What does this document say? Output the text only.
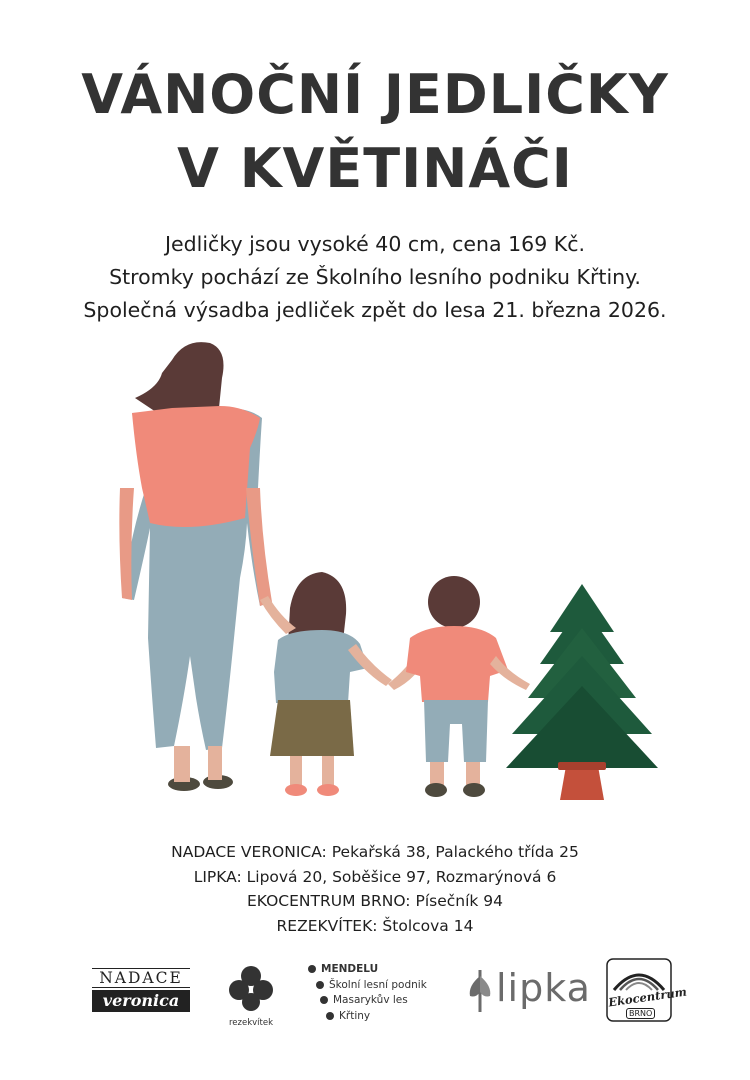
VÁNOČNÍ JEDLIČKY
V KVĚTINÁČI
Jedličky jsou vysoké 40 cm, cena 169 Kč.
Stromky pochází ze Školního lesního podniku Křtiny.
Společná výsadba jedliček zpět do lesa 21. března 2026.
NADACE VERONICA: Pekařská 38, Palackého třída 25
LIPKA: Lipová 20, Soběšice 97, Rozmarýnová 6
EKOCENTRUM BRNO: Písečník 94
REZEKVÍTEK: Štolcova 14
NADACE
veronica
rezekvítek
MENDELU
Školní lesní podnik
Masarykův les
Křtiny
lipka Ekocentrum
BRNO
